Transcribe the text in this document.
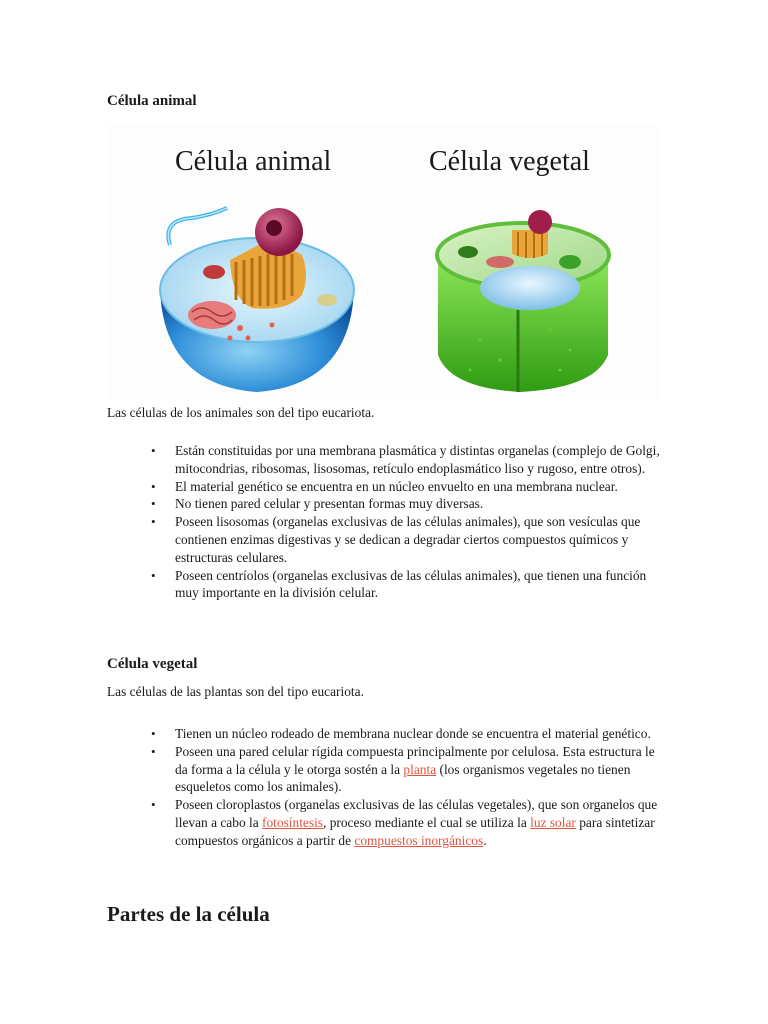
Célula animal

Célula animal	Célula vegetal

Las células de los animales son del tipo eucariota.

• Están constituidas por una membrana plasmática y distintas organelas (complejo de Golgi, mitocondrias, ribosomas, lisosomas, retículo endoplasmático liso y rugoso, entre otros).
• El material genético se encuentra en un núcleo envuelto en una membrana nuclear.
• No tienen pared celular y presentan formas muy diversas.
• Poseen lisosomas (organelas exclusivas de las células animales), que son vesículas que contienen enzimas digestivas y se dedican a degradar ciertos compuestos químicos y estructuras celulares.
• Poseen centríolos (organelas exclusivas de las células animales), que tienen una función muy importante en la división celular.
Célula vegetal

Las células de las plantas son del tipo eucariota.

• Tienen un núcleo rodeado de membrana nuclear donde se encuentra el material genético.
• Poseen una pared celular rígida compuesta principalmente por celulosa. Esta estructura le da forma a la célula y le otorga sostén a la planta (los organismos vegetales no tienen esqueletos como los animales).
• Poseen cloroplastos (organelas exclusivas de las células vegetales), que son organelos que llevan a cabo la fotosíntesis, proceso mediante el cual se utiliza la luz solar para sintetizar compuestos orgánicos a partir de compuestos inorgánicos.
Partes de la célula
